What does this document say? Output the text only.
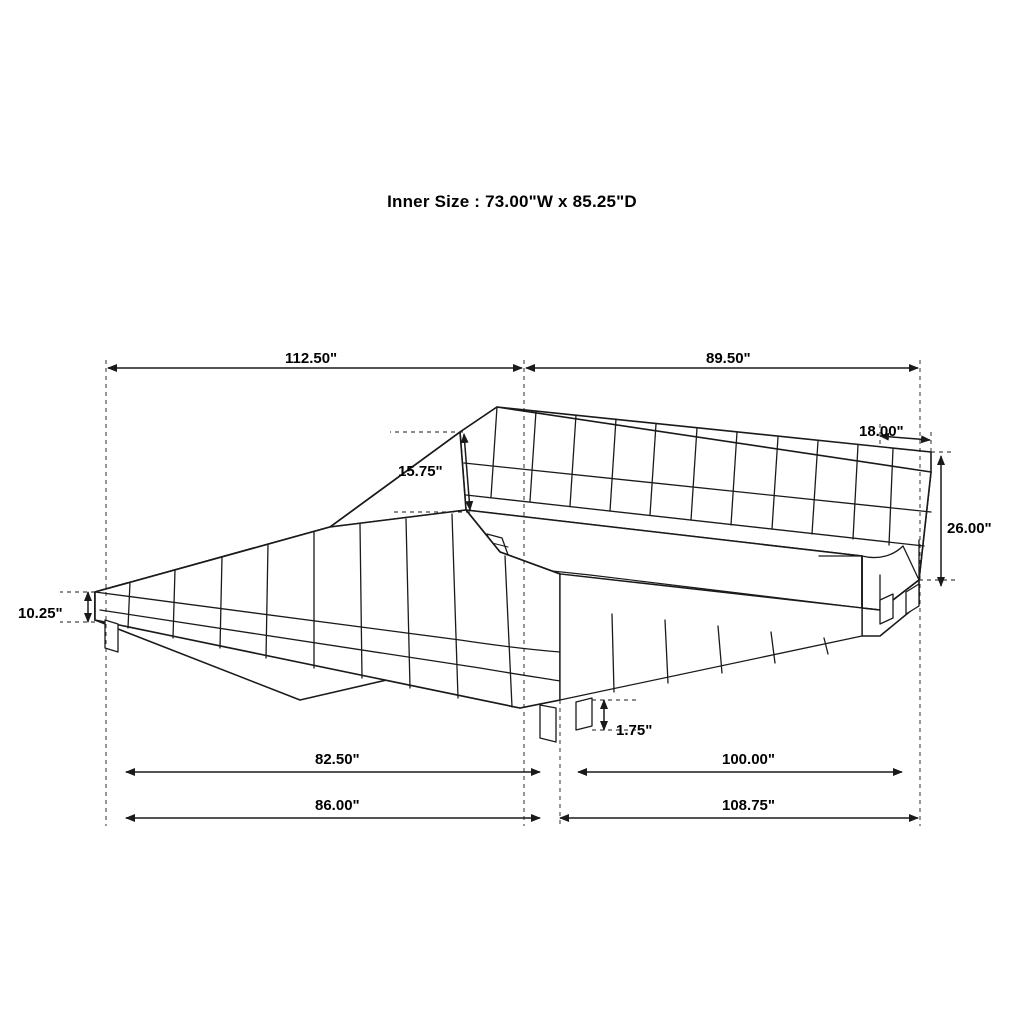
Inner Size : 73.00"W x 85.25"D
112.50"	89.50"
15.75"
18.00"
26.00"
10.25"
1.75"
82.50"	100.00"
86.00"	108.75"
